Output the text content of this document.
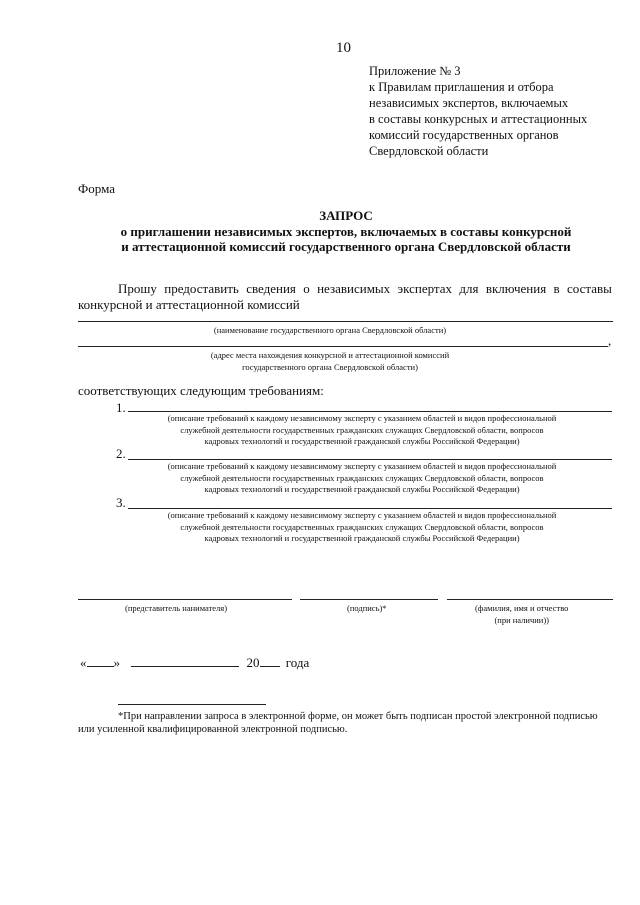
10
Приложение № 3
к Правилам приглашения и отбора
независимых экспертов, включаемых
в составы конкурсных и аттестационных
комиссий государственных органов
Свердловской области
Форма
ЗАПРОС
о приглашении независимых экспертов, включаемых в составы конкурсной
и аттестационной комиссий государственного органа Свердловской области
Прошу предоставить сведения о независимых экспертах для включения в составы
конкурсной и аттестационной комиссий
(наименование государственного органа Свердловской области)
,
(адрес места нахождения конкурсной и аттестационной комиссий
государственного органа Свердловской области)
соответствующих следующим требованиям:
1.
(описание требований к каждому независимому эксперту с указанием областей и видов профессиональной
служебной деятельности государственных гражданских служащих Свердловской области, вопросов
кадровых технологий и государственной гражданской службы Российской Федерации)
2.
(описание требований к каждому независимому эксперту с указанием областей и видов профессиональной
служебной деятельности государственных гражданских служащих Свердловской области, вопросов
кадровых технологий и государственной гражданской службы Российской Федерации)
3.
(описание требований к каждому независимому эксперту с указанием областей и видов профессиональной
служебной деятельности государственных гражданских служащих Свердловской области, вопросов
кадровых технологий и государственной гражданской службы Российской Федерации)
(представитель нанимателя)	(подпись)*	(фамилия, имя и отчество
(при наличии))
« »	20 года
*При направлении запроса в электронной форме, он может быть подписан простой электронной подписью
или усиленной квалифицированной электронной подписью.
